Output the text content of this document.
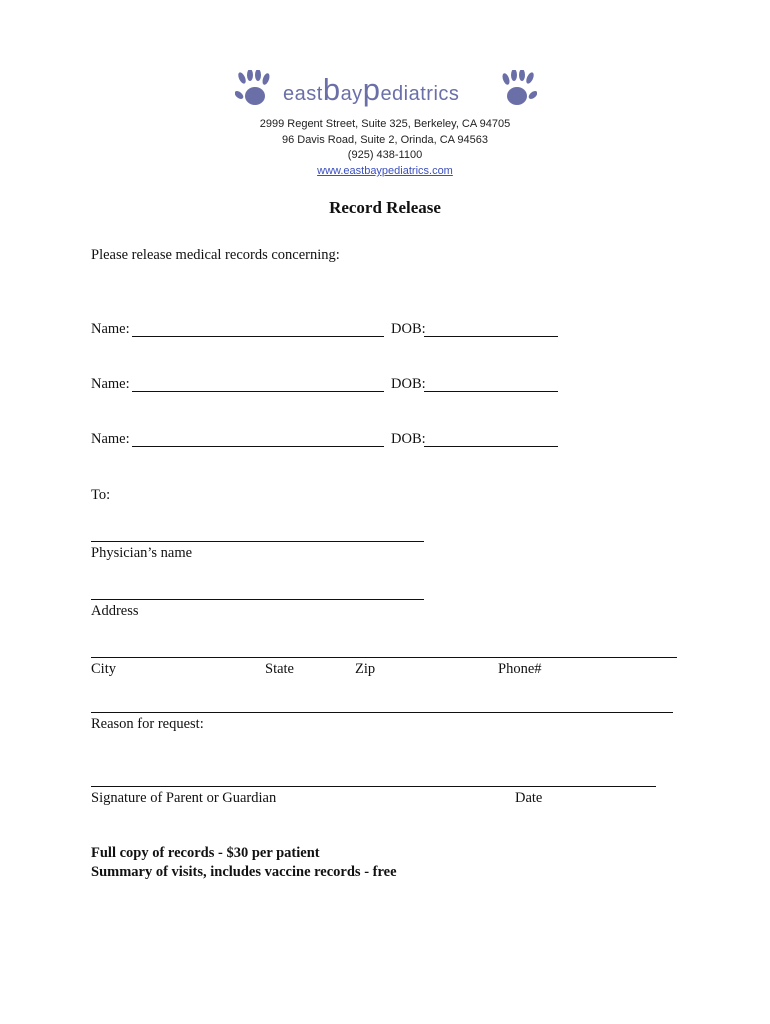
eastbaypediatrics
2999 Regent Street, Suite 325, Berkeley, CA 94705
96 Davis Road, Suite 2, Orinda, CA 94563
(925) 438-1100
www.eastbaypediatrics.com
Record Release
Please release medical records concerning:
Name:	DOB:
Name:	DOB:
Name:	DOB:
To:
Physician’s name
Address
City	State	Zip	Phone#
Reason for request:
Signature of Parent or Guardian	Date
Full copy of records - $30 per patient
Summary of visits, includes vaccine records - free
